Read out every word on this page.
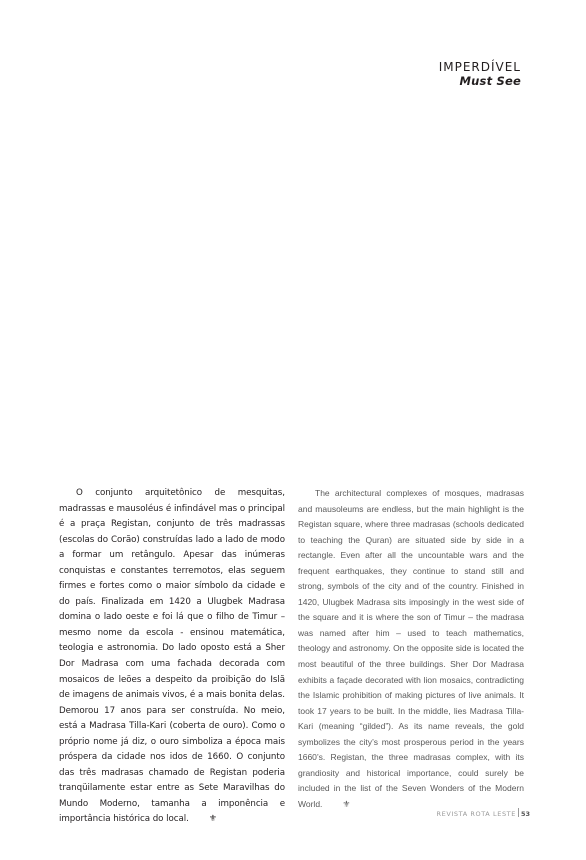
IMPERDÍVEL
Must See

O conjunto arquitetônico de mesquitas, madrassas e mausoléus é infindável mas o principal é a praça Registan, conjunto de três madrassas (escolas do Corão) construídas lado a lado de modo a formar um retângulo. Apesar das inúmeras conquistas e constantes terremotos, elas seguem firmes e fortes como o maior símbolo da cidade e do país. Finalizada em 1420 a Ulugbek Madrasa domina o lado oeste e foi lá que o filho de Timur – mesmo nome da escola - ensinou matemática, teologia e astronomia. Do lado oposto está a Sher Dor Madrasa com uma fachada decorada com mosaicos de leões a despeito da proibição do Islã de imagens de animais vivos, é a mais bonita delas. Demorou 17 anos para ser construída. No meio, está a Madrasa Tilla-Kari (coberta de ouro). Como o próprio nome já diz, o ouro simboliza a época mais próspera da cidade nos idos de 1660. O conjunto das três madrasas chamado de Registan poderia tranqüilamente estar entre as Sete Maravilhas do Mundo Moderno, tamanha a imponência e importância histórica do local. ⚜

The architectural complexes of mosques, madrasas and mausoleums are endless, but the main highlight is the Registan square, where three madrasas (schools dedicated to teaching the Quran) are situated side by side in a rectangle. Even after all the uncountable wars and the frequent earthquakes, they continue to stand still and strong, symbols of the city and of the country. Finished in 1420, Ulugbek Madrasa sits imposingly in the west side of the square and it is where the son of Timur – the madrasa was named after him – used to teach mathematics, theology and astronomy. On the opposite side is located the most beautiful of the three buildings. Sher Dor Madrasa exhibits a façade decorated with lion mosaics, contradicting the Islamic prohibition of making pictures of live animals. It took 17 years to be built. In the middle, lies Madrasa Tilla-Kari (meaning “gilded”). As its name reveals, the gold symbolizes the city’s most prosperous period in the years 1660’s. Registan, the three madrasas complex, with its grandiosity and historical importance, could surely be included in the list of the Seven Wonders of the Modern World. ⚜

REVISTA ROTA LESTE 53
